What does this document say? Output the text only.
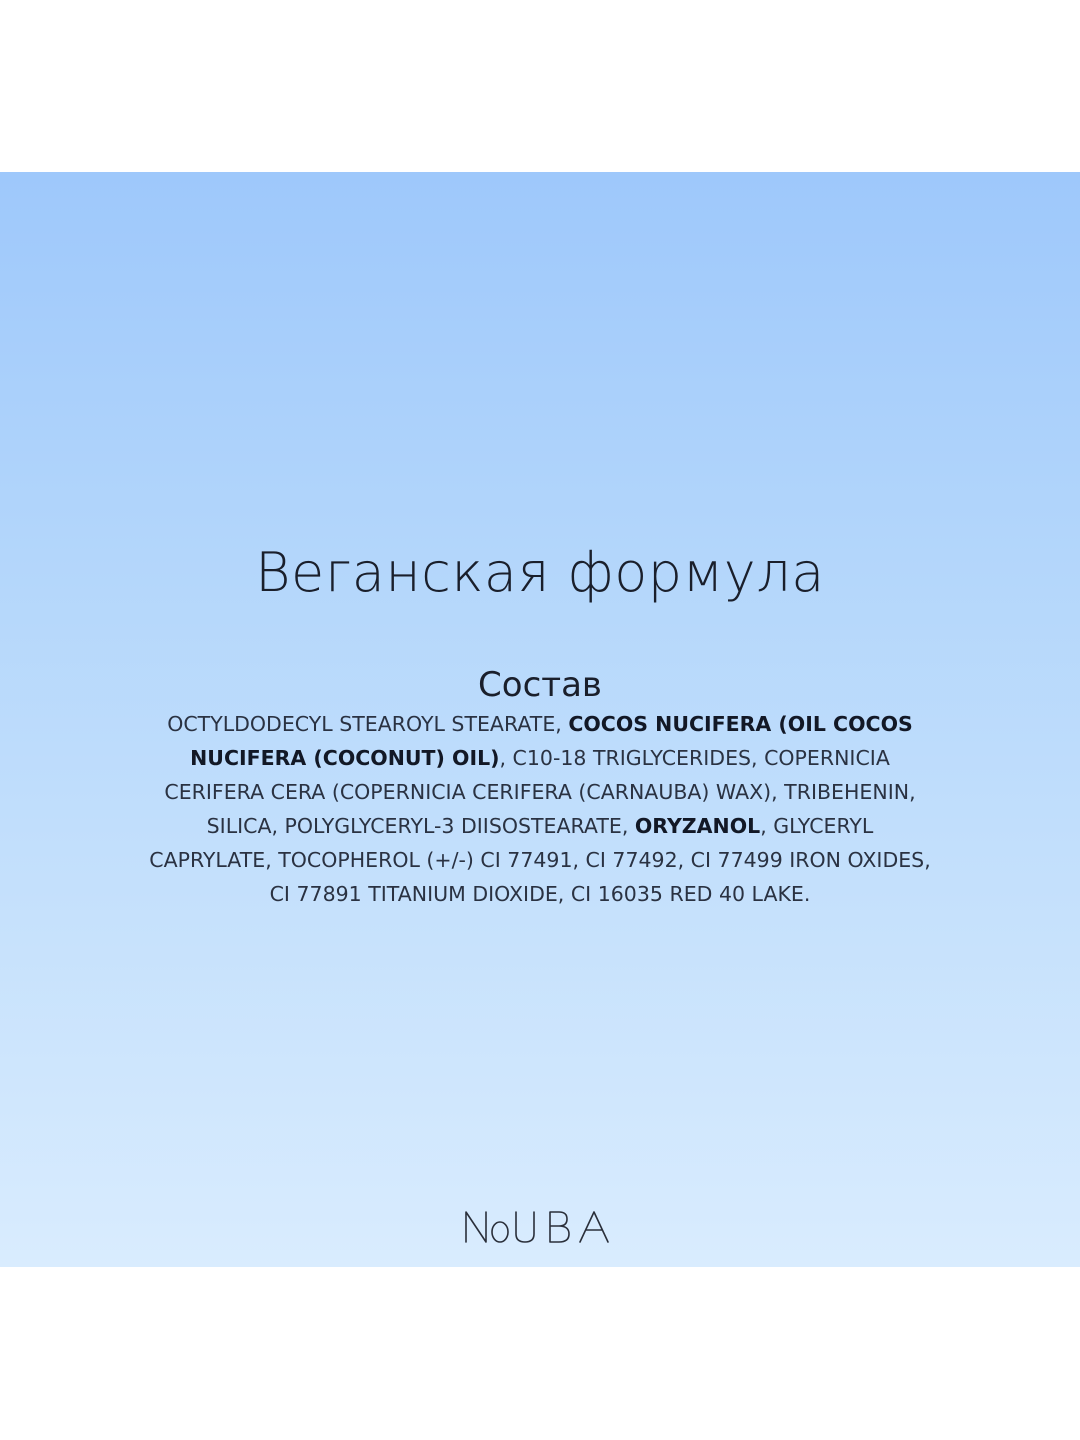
Веганская формула
Состав
OCTYLDODECYL STEAROYL STEARATE, COCOS NUCIFERA (OIL COCOS
NUCIFERA (COCONUT) OIL), C10-18 TRIGLYCERIDES, COPERNICIA
CERIFERA CERA (COPERNICIA CERIFERA (CARNAUBA) WAX), TRIBEHENIN,
SILICA, POLYGLYCERYL-3 DIISOSTEARATE, ORYZANOL, GLYCERYL
CAPRYLATE, TOCOPHEROL (+/-) CI 77491, CI 77492, CI 77499 IRON OXIDES,
CI 77891 TITANIUM DIOXIDE, CI 16035 RED 40 LAKE.
